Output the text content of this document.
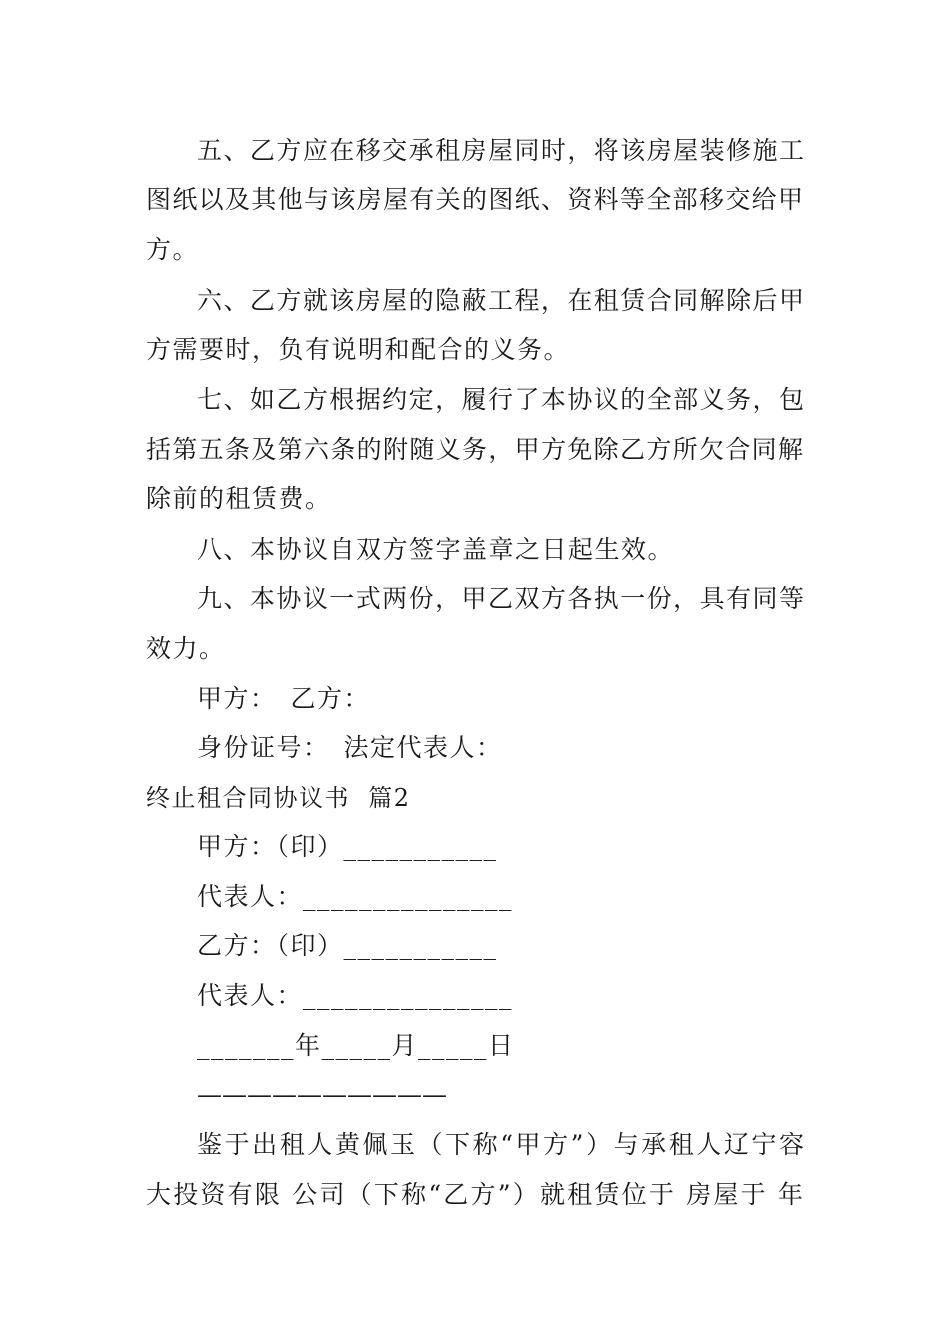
五、乙方应在移交承租房屋同时，将该房屋装修施工
图纸以及其他与该房屋有关的图纸、资料等全部移交给甲
方。
六、乙方就该房屋的隐蔽工程，在租赁合同解除后甲
方需要时，负有说明和配合的义务。
七、如乙方根据约定，履行了本协议的全部义务，包
括第五条及第六条的附随义务，甲方免除乙方所欠合同解
除前的租赁费。
八、本协议自双方签字盖章之日起生效。
九、本协议一式两份，甲乙双方各执一份，具有同等
效力。
甲方：　乙方：
身份证号：　法定代表人：
终止租合同协议书  篇2
甲方：（印）___________
代表人：_______________
乙方：（印）___________
代表人：_______________
_______年_____月_____日
——————————
鉴于出租人黄佩玉（下称“甲方”）与承租人辽宁容
大投资有限 公司（下称“乙方”）就租赁位于 房屋于 年
